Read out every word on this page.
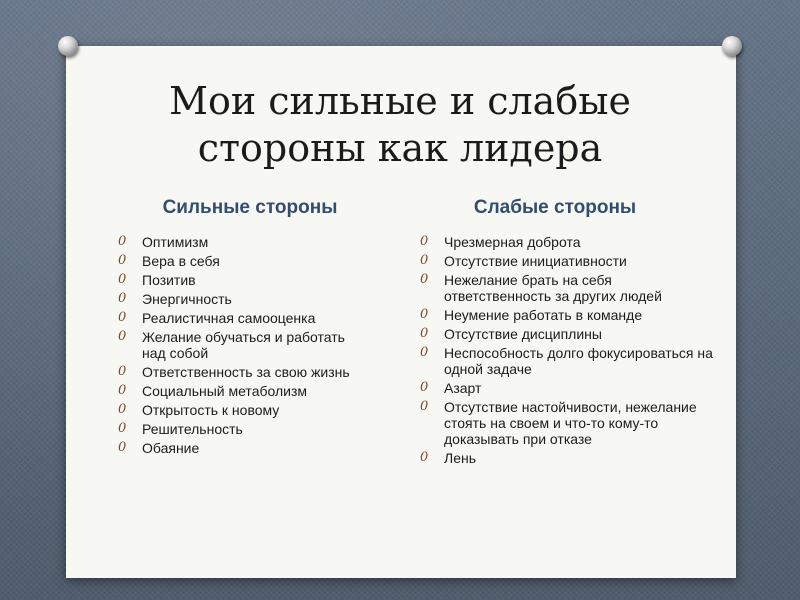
Мои сильные и слабые
стороны как лидера
Сильные стороны	Слабые стороны
0 Оптимизм
0 Вера в себя
0 Позитив
0 Энергичность
0 Реалистичная самооценка
0 Желание обучаться и работать над собой
0 Ответственность за свою жизнь
0 Социальный метаболизм
0 Открытость к новому
0 Решительность
0 Обаяние
0 Чрезмерная доброта
0 Отсутствие инициативности
0 Нежелание брать на себя ответственность за других людей
0 Неумение работать в команде
0 Отсутствие дисциплины
0 Неспособность долго фокусироваться на одной задаче
0 Азарт
0 Отсутствие настойчивости, нежелание стоять на своем и что-то кому-то доказывать при отказе
0 Лень
